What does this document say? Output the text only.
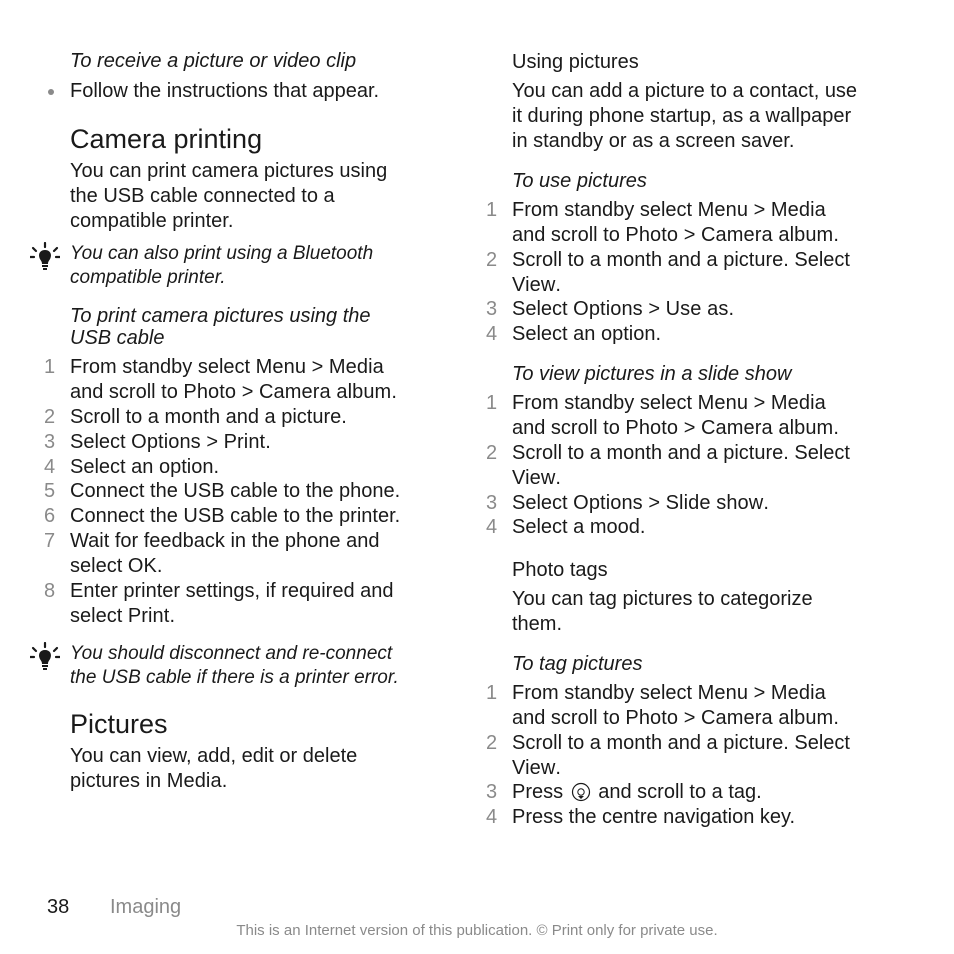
To receive a picture or video clip
Follow the instructions that appear.
Camera printing
You can print camera pictures using
the USB cable connected to a
compatible printer.
You can also print using a Bluetooth
compatible printer.
To print camera pictures using the
USB cable
1 From standby select Menu > Media
and scroll to Photo > Camera album.
2 Scroll to a month and a picture.
3 Select Options > Print.
4 Select an option.
5 Connect the USB cable to the phone.
6 Connect the USB cable to the printer.
7 Wait for feedback in the phone and
select OK.
8 Enter printer settings, if required and
select Print.
You should disconnect and re-connect
the USB cable if there is a printer error.
Pictures
You can view, add, edit or delete
pictures in Media.
Using pictures
You can add a picture to a contact, use
it during phone startup, as a wallpaper
in standby or as a screen saver.
To use pictures
1 From standby select Menu > Media
and scroll to Photo > Camera album.
2 Scroll to a month and a picture. Select
View.
3 Select Options > Use as.
4 Select an option.
To view pictures in a slide show
1 From standby select Menu > Media
and scroll to Photo > Camera album.
2 Scroll to a month and a picture. Select
View.
3 Select Options > Slide show.
4 Select a mood.
Photo tags
You can tag pictures to categorize
them.
To tag pictures
1 From standby select Menu > Media
and scroll to Photo > Camera album.
2 Scroll to a month and a picture. Select
View.
3 Press  and scroll to a tag.
4 Press the centre navigation key.
38 Imaging
This is an Internet version of this publication. © Print only for private use.
